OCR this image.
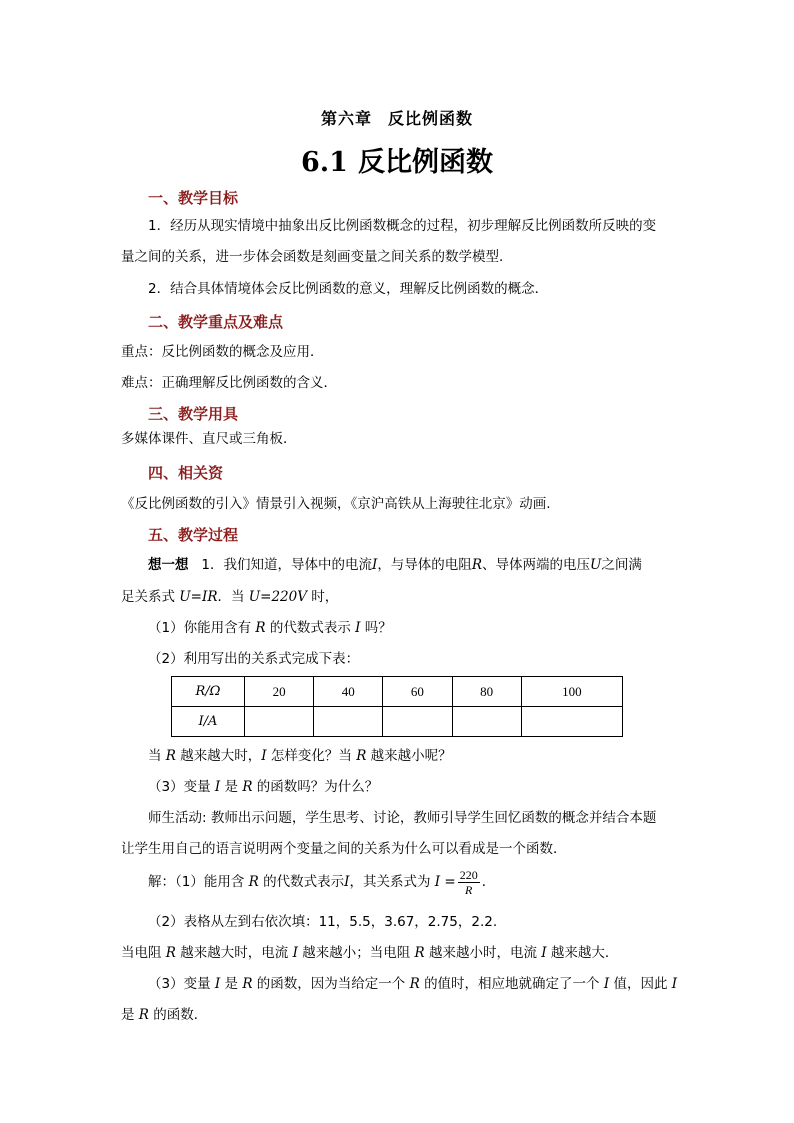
第六章 反比例函数
6.1 反比例函数
一、教学目标
1．经历从现实情境中抽象出反比例函数概念的过程，初步理解反比例函数所反映的变
量之间的关系，进一步体会函数是刻画变量之间关系的数学模型．
2．结合具体情境体会反比例函数的意义，理解反比例函数的概念．
二、教学重点及难点
重点：反比例函数的概念及应用．
难点：正确理解反比例函数的含义．
三、教学用具
多媒体课件、直尺或三角板．
四、相关资
《反比例函数的引入》情景引入视频，《京沪高铁从上海驶往北京》动画.
五、教学过程
想一想 1．我们知道，导体中的电流I，与导体的电阻R、导体两端的电压U之间满
足关系式 U=IR．当 U=220V 时，
（1）你能用含有 R 的代数式表示 I 吗？
（2）利用写出的关系式完成下表：
R/Ω	20	40	60	80	100
I/A					
当 R 越来越大时，I 怎样变化？当 R 越来越小呢？
（3）变量 I 是 R 的函数吗？为什么？
师生活动: 教师出示问题，学生思考、讨论，教师引导学生回忆函数的概念并结合本题
让学生用自己的语言说明两个变量之间的关系为什么可以看成是一个函数．
解：（1）能用含 R 的代数式表示I，其关系式为 $I = \frac{220}{R}$ ．
（2）表格从左到右依次填：11，5.5，3.67，2.75，2.2.
当电阻 R 越来越大时，电流 I 越来越小；当电阻 R 越来越小时，电流 I 越来越大．
（3）变量 I 是 R 的函数，因为当给定一个 R 的值时，相应地就确定了一个 I 值，因此 I
是 R 的函数．
